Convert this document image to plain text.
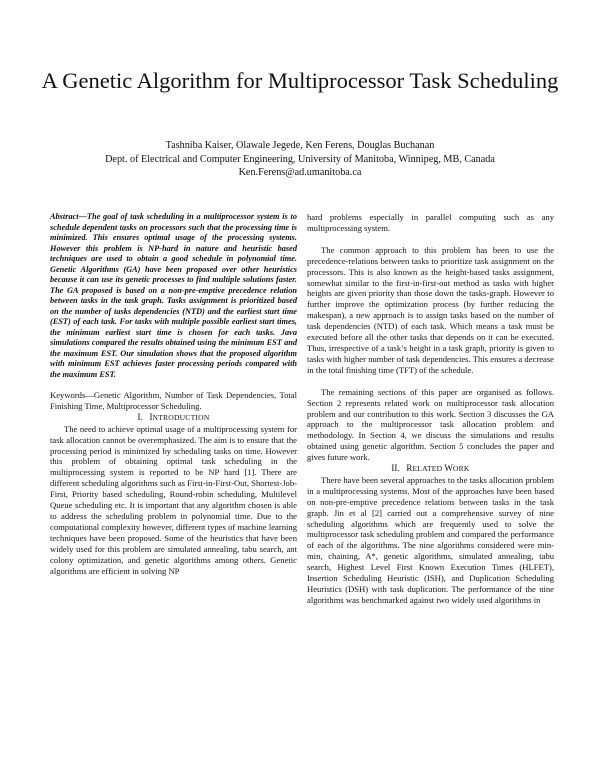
A Genetic Algorithm for Multiprocessor Task Scheduling
Tashniba Kaiser, Olawale Jegede, Ken Ferens, Douglas Buchanan
Dept. of Electrical and Computer Engineering, University of Manitoba, Winnipeg, MB, Canada
Ken.Ferens@ad.umanitoba.ca

Abstract—The goal of task scheduling in a multiprocessor system is to schedule dependent tasks on processors such that the processing time is minimized. This ensures optimal usage of the processing systems. However this problem is NP-hard in nature and heuristic based techniques are used to obtain a good schedule in polynomial time. Genetic Algorithms (GA) have been proposed over other heuristics because it can use its genetic processes to find multiple solutions faster. The GA proposed is based on a non-pre-emptive precedence relation between tasks in the task graph. Tasks assignment is prioritized based on the number of tasks dependencies (NTD) and the earliest start time (EST) of each task. For tasks with multiple possible earliest start times, the minimum earliest start time is chosen for each tasks. Java simulations compared the results obtained using the minimum EST and the maximum EST. Our simulation shows that the proposed algorithm with minimum EST achieves faster processing periods compared with the maximum EST.

Keywords—Genetic Algorithm, Number of Task Dependencies, Total Finishing Time, Multiprocessor Scheduling.

I. INTRODUCTION

The need to achieve optimal usage of a multiprocessing system for task allocation cannot be overemphasized. The aim is to ensure that the processing period is minimized by scheduling tasks on time. However this problem of obtaining optimal task scheduling in the multiprocessing system is reported to be NP hard [1]. There are different scheduling algorithms such as First-in-First-Out, Shortest-Job-First, Priority based scheduling, Round-robin scheduling, Multilevel Queue scheduling etc. It is important that any algorithm chosen is able to address the scheduling problem in polynomial time. Due to the computational complexity however, different types of machine learning techniques have been proposed. Some of the heuristics that have been widely used for this problem are simulated annealing, tabu search, ant colony optimization, and genetic algorithms among others. Genetic algorithms are efficient in solving NP

hard problems especially in parallel computing such as any multiprocessing system.

The common approach to this problem has been to use the precedence-relations between tasks to prioritize task assignment on the processors. This is also known as the height-based tasks assignment, somewhat similar to the first-in-first-out method as tasks with higher heights are given priority than those down the tasks-graph. However to further improve the optimization process (by further reducing the makespan), a new approach is to assign tasks based on the number of task dependencies (NTD) of each task. Which means a task must be executed before all the other tasks that depends on it can be executed. Thus, irrespective of a task’s height in a task graph, priority is given to tasks with higher number of task dependencies. This ensures a decrease in the total finishing time (TFT) of the schedule.

The remaining sections of this paper are organised as follows. Section 2 represents related work on multiprocessor task allocation problem and our contribution to this work. Section 3 discusses the GA approach to the multiprocessor task allocation problem and methodology. In Section 4, we discuss the simulations and results obtained using genetic algorithm. Section 5 concludes the paper and gives future work.

II. RELATED WORK

There have been several approaches to the tasks allocation problem in a multiprocessing systems. Most of the approaches have been based on non-pre-emptive precedence relations between tasks in the task graph. Jin et al [2] carried out a comprehensive survey of nine scheduling algorithms which are frequently used to solve the multiprocessor task scheduling problem and compared the performance of each of the algorithms. The nine algorithms considered were min-min, chaining, A*, genetic algorithms, simulated annealing, tabu search, Highest Level First Known Execution Times (HLFET), Insertion Scheduling Heuristic (ISH), and Duplication Scheduling Heuristics (DSH) with task duplication. The performance of the nine algorithms was benchmarked against two widely used algorithms in
